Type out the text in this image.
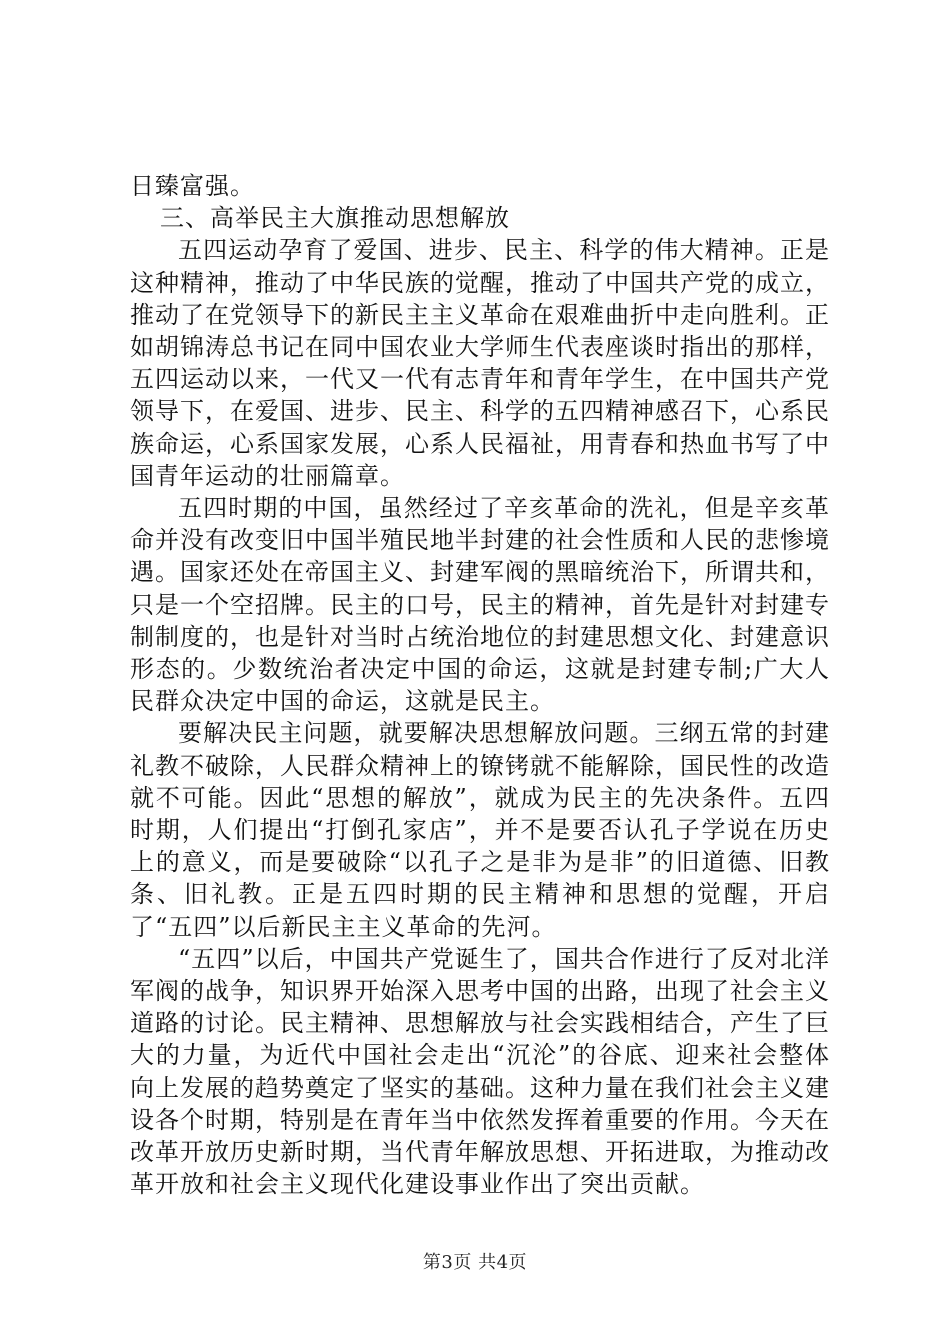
日臻富强。

三、高举民主大旗推动思想解放

五四运动孕育了爱国、进步、民主、科学的伟大精神。正是这种精神，推动了中华民族的觉醒，推动了中国共产党的成立，推动了在党领导下的新民主主义革命在艰难曲折中走向胜利。正如胡锦涛总书记在同中国农业大学师生代表座谈时指出的那样，五四运动以来，一代又一代有志青年和青年学生，在中国共产党领导下，在爱国、进步、民主、科学的五四精神感召下，心系民族命运，心系国家发展，心系人民福祉，用青春和热血书写了中国青年运动的壮丽篇章。

五四时期的中国，虽然经过了辛亥革命的洗礼，但是辛亥革命并没有改变旧中国半殖民地半封建的社会性质和人民的悲惨境遇。国家还处在帝国主义、封建军阀的黑暗统治下，所谓共和，只是一个空招牌。民主的口号，民主的精神，首先是针对封建专制制度的，也是针对当时占统治地位的封建思想文化、封建意识形态的。少数统治者决定中国的命运，这就是封建专制;广大人民群众决定中国的命运，这就是民主。

要解决民主问题，就要解决思想解放问题。三纲五常的封建礼教不破除，人民群众精神上的镣铐就不能解除，国民性的改造就不可能。因此“思想的解放”，就成为民主的先决条件。五四时期，人们提出“打倒孔家店”，并不是要否认孔子学说在历史上的意义，而是要破除“以孔子之是非为是非”的旧道德、旧教条、旧礼教。正是五四时期的民主精神和思想的觉醒，开启了“五四”以后新民主主义革命的先河。

“五四”以后，中国共产党诞生了，国共合作进行了反对北洋军阀的战争，知识界开始深入思考中国的出路，出现了社会主义道路的讨论。民主精神、思想解放与社会实践相结合，产生了巨大的力量，为近代中国社会走出“沉沦”的谷底、迎来社会整体向上发展的趋势奠定了坚实的基础。这种力量在我们社会主义建设各个时期，特别是在青年当中依然发挥着重要的作用。今天在改革开放历史新时期，当代青年解放思想、开拓进取，为推动改革开放和社会主义现代化建设事业作出了突出贡献。

第3页 共4页
